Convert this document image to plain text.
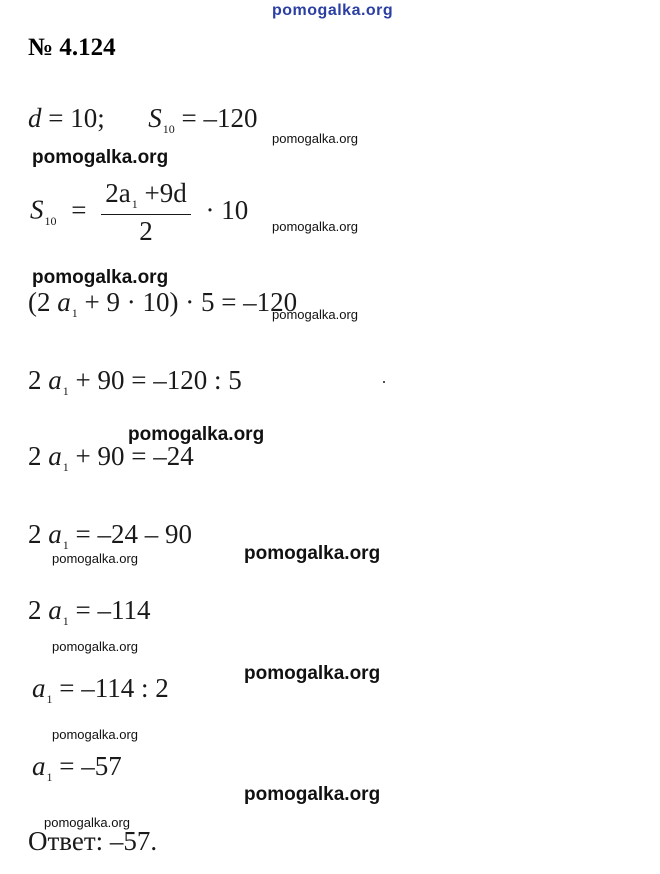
pomogalka.org
№ 4.124
d = 10; $S_{10} = -120$
pomogalka.org
pomogalka.org
$S_{10} = \frac{2a_1 +9d}{2} \cdot 10$
pomogalka.org
pomogalka.org
(2 $a_1 + 9 \cdot 10) \cdot 5 = -120$
pomogalka.org
2 $a_1 + 90 = -120$ : 5
pomogalka.org
2 $a_1 + 90 = -24$
2 $a_1 = -24 - 90$
pomogalka.org
pomogalka.org
2 $a_1 = -114$
pomogalka.org
pomogalka.org
$a_1 = -114$ : 2
pomogalka.org
$a_1 = -57$
pomogalka.org
pomogalka.org
Ответ: –57.
